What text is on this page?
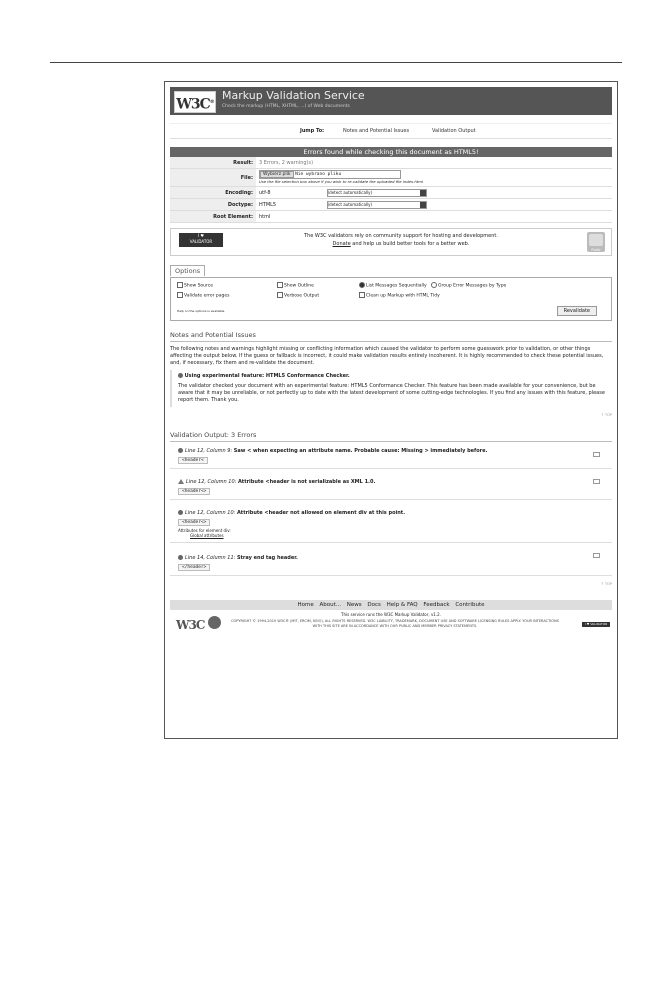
W3C® Markup Validation Service
Check the markup (HTML, XHTML, ...) of Web documents
Jump To:	Notes and Potential Issues	Validation Output
Errors found while checking this document as HTML5!
Result:	3 Errors, 2 warning(s)
File:	Wybierz plik Nie wybrano pliku
Use the file selection box above if you wish to re-validate the uploaded file index.html
Encoding:	utf-8 (detect automatically)

Doctype:	HTML5 (detect automatically)

Root Element:	html
I ♥
VALIDATOR
The W3C validators rely on community support for hosting and development.
Donate and help us build better tools for a better web.
Flattr
Options
Show Source	Show Outline	List Messages Sequentially	Group Error Messages by Type
Validate error pages	Verbose Output	Clean up Markup with HTML Tidy
Help on the options is available.	Revalidate
Notes and Potential Issues
The following notes and warnings highlight missing or conflicting information which caused the validator to perform some guesswork prior to validation, or other things affecting the output below. If the guess or fallback is incorrect, it could make validation results entirely incoherent. It is highly recommended to check these potential issues, and, if necessary, fix them and re-validate the document.
Using experimental feature: HTML5 Conformance Checker.
The validator checked your document with an experimental feature: HTML5 Conformance Checker. This feature has been made available for your convenience, but be aware that it may be unreliable, or not perfectly up to date with the latest development of some cutting-edge technologies. If you find any issues with this feature, please report them. Thank you.
↑ TOP
Validation Output: 3 Errors
Line 12, Column 9: Saw < when expecting an attribute name. Probable cause: Missing > immediately before.
<header<
Line 12, Column 10: Attribute <header is not serializable as XML 1.0.
<header<>
Line 12, Column 10: Attribute <header not allowed on element div at this point.
<header<>
Attributes for element div:
Global attributes
Line 14, Column 11: Stray end tag header.
</header>
↑ TOP
Home About... News Docs Help & FAQ Feedback Contribute
This service runs the W3C Markup Validator, v1.2.
W3C	COPYRIGHT © 1994-2010 W3C® (MIT, ERCIM, KEIO), ALL RIGHTS RESERVED. W3C LIABILITY, TRADEMARK, DOCUMENT USE AND SOFTWARE LICENSING RULES APPLY. YOUR INTERACTIONS WITH THIS SITE ARE IN ACCORDANCE WITH OUR PUBLIC AND MEMBER PRIVACY STATEMENTS.	I ♥ VALIDATOR
